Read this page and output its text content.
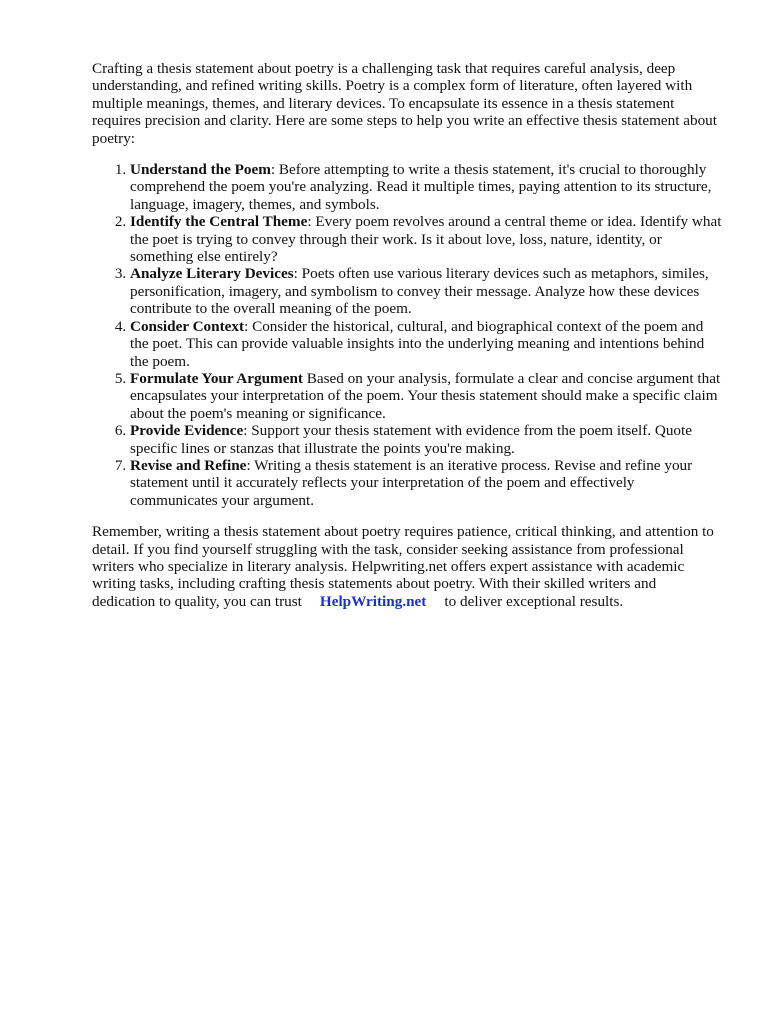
Crafting a thesis statement about poetry is a challenging task that requires careful analysis, deep understanding, and refined writing skills. Poetry is a complex form of literature, often layered with multiple meanings, themes, and literary devices. To encapsulate its essence in a thesis statement requires precision and clarity. Here are some steps to help you write an effective thesis statement about poetry:

1. Understand the Poem: Before attempting to write a thesis statement, it's crucial to thoroughly comprehend the poem you're analyzing. Read it multiple times, paying attention to its structure, language, imagery, themes, and symbols.
2. Identify the Central Theme: Every poem revolves around a central theme or idea. Identify what the poet is trying to convey through their work. Is it about love, loss, nature, identity, or something else entirely?
3. Analyze Literary Devices: Poets often use various literary devices such as metaphors, similes, personification, imagery, and symbolism to convey their message. Analyze how these devices contribute to the overall meaning of the poem.
4. Consider Context: Consider the historical, cultural, and biographical context of the poem and the poet. This can provide valuable insights into the underlying meaning and intentions behind the poem.
5. Formulate Your Argument Based on your analysis, formulate a clear and concise argument that encapsulates your interpretation of the poem. Your thesis statement should make a specific claim about the poem's meaning or significance.
6. Provide Evidence: Support your thesis statement with evidence from the poem itself. Quote specific lines or stanzas that illustrate the points you're making.
7. Revise and Refine: Writing a thesis statement is an iterative process. Revise and refine your statement until it accurately reflects your interpretation of the poem and effectively communicates your argument.

Remember, writing a thesis statement about poetry requires patience, critical thinking, and attention to detail. If you find yourself struggling with the task, consider seeking assistance from professional writers who specialize in literary analysis. Helpwriting.net offers expert assistance with academic writing tasks, including crafting thesis statements about poetry. With their skilled writers and dedication to quality, you can trust HelpWriting.net to deliver exceptional results.
